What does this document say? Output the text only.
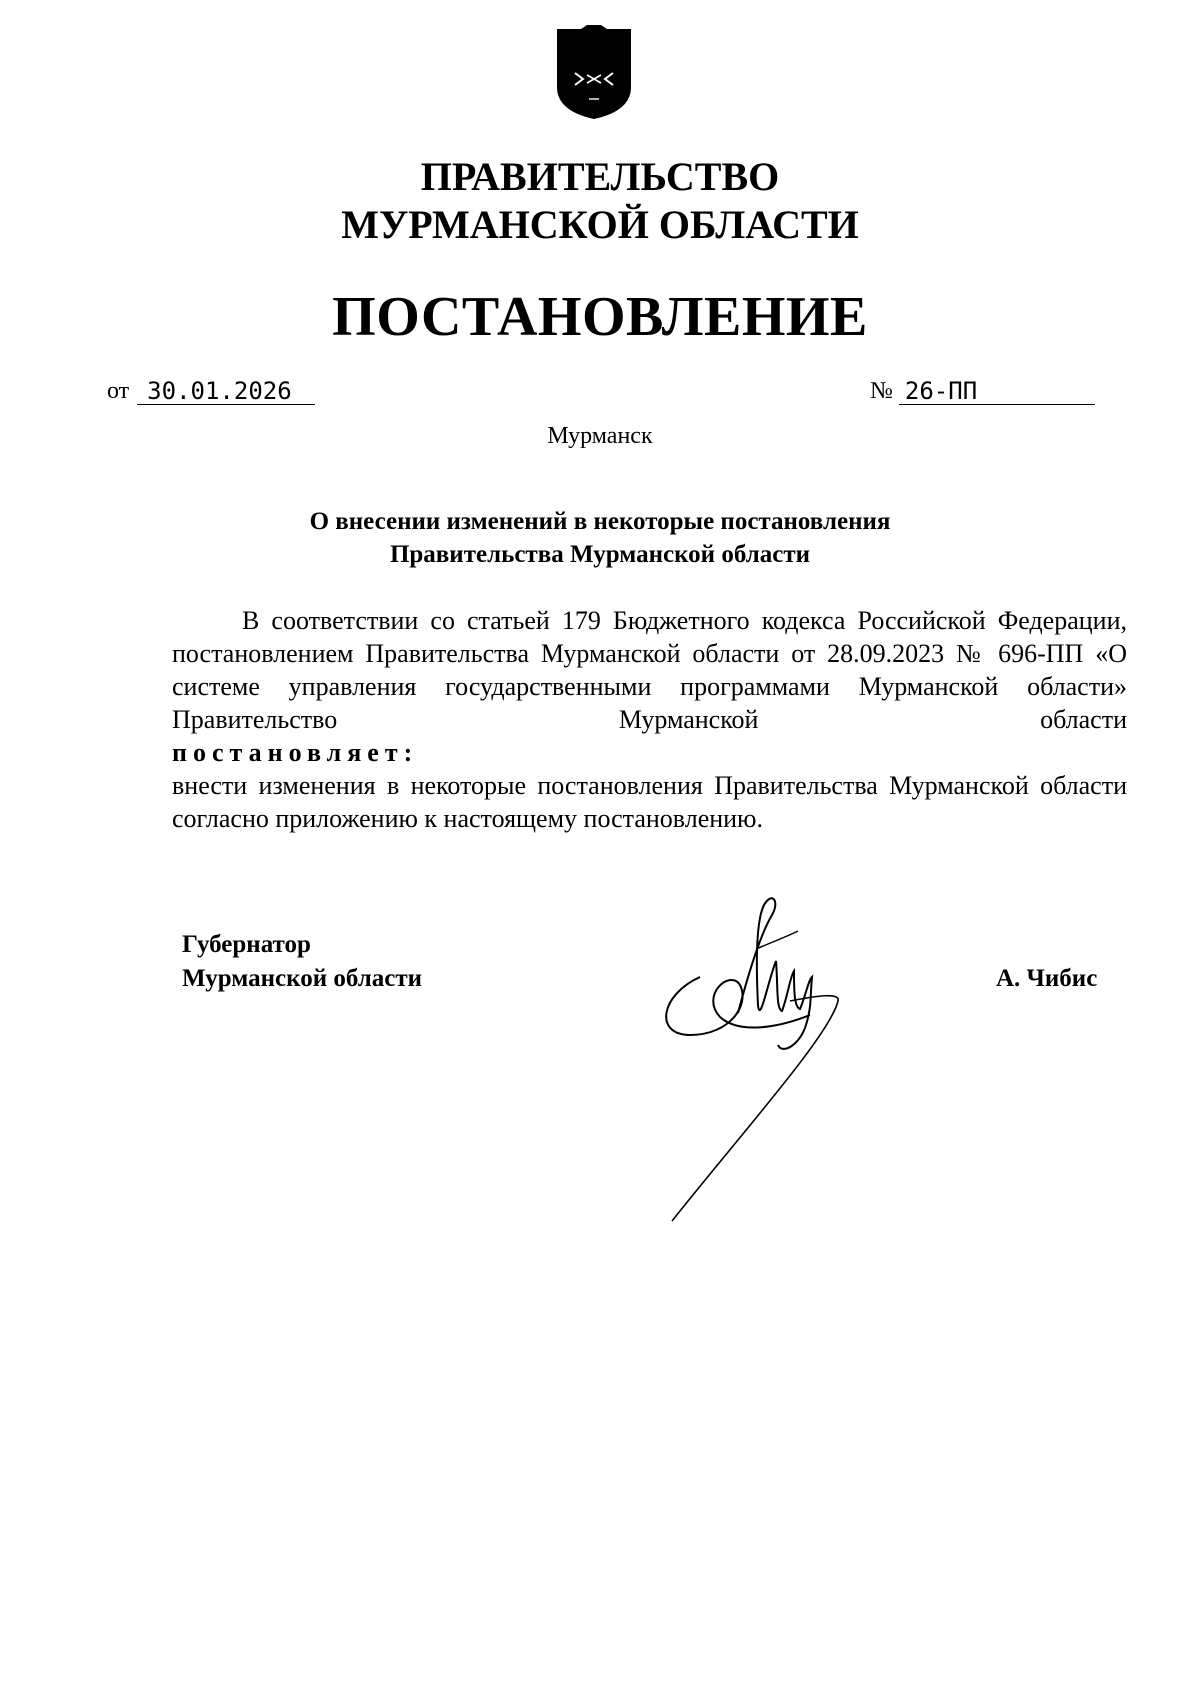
ПРАВИТЕЛЬСТВО
МУРМАНСКОЙ ОБЛАСТИ
ПОСТАНОВЛЕНИЕ
от 30.01.2026	№ 26-ПП
Мурманск
О внесении изменений в некоторые постановления
Правительства Мурманской области

В соответствии со статьей 179 Бюджетного кодекса Российской Федерации, постановлением Правительства Мурманской области от 28.09.2023 № 696-ПП «О системе управления государственными программами Мурманской области» Правительство Мурманской области

постановляет:

внести изменения в некоторые постановления Правительства Мурманской области согласно приложению к настоящему постановлению.

Губернатор
Мурманской области	А. Чибис
